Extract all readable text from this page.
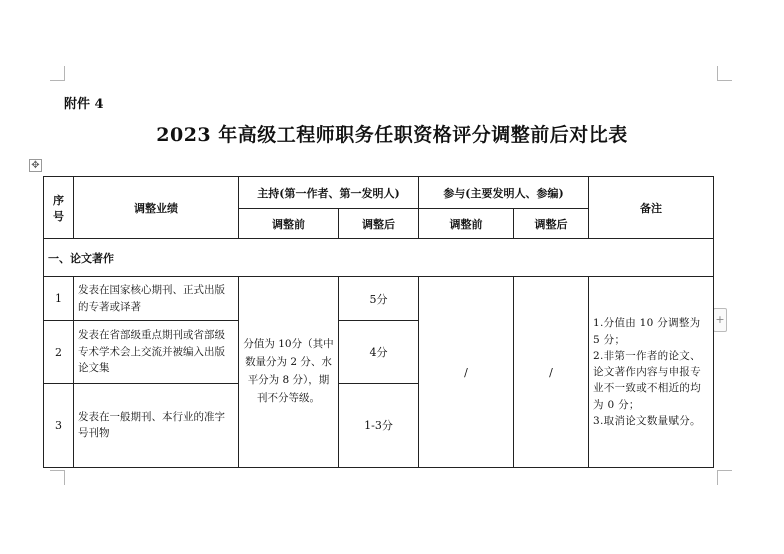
附件 4
2023 年高级工程师职务任职资格评分调整前后对比表
✥
+
序号	调整业绩	主持(第一作者、第一发明人)		参与(主要发明人、参编)		备注
		调整前	调整后	调整前	调整后	
一、论文著作						
1	发表在国家核心期刊、正式出版的专著或译著	分值为 10分（其中数量分为 2 分、水平分为 8 分），期刊不分等级。	5分	/	/	1.分值由 10 分调整为 5 分；
2.非第一作者的论文、论文著作内容与申报专业不一致或不相近的均为 0 分；
3.取消论文数量赋分。

2	发表在省部级重点期刊或省部级专术学术会上交流并被编入出版论文集		4分			
3	发表在一般期刊、本行业的准字号刊物		1-3分			
